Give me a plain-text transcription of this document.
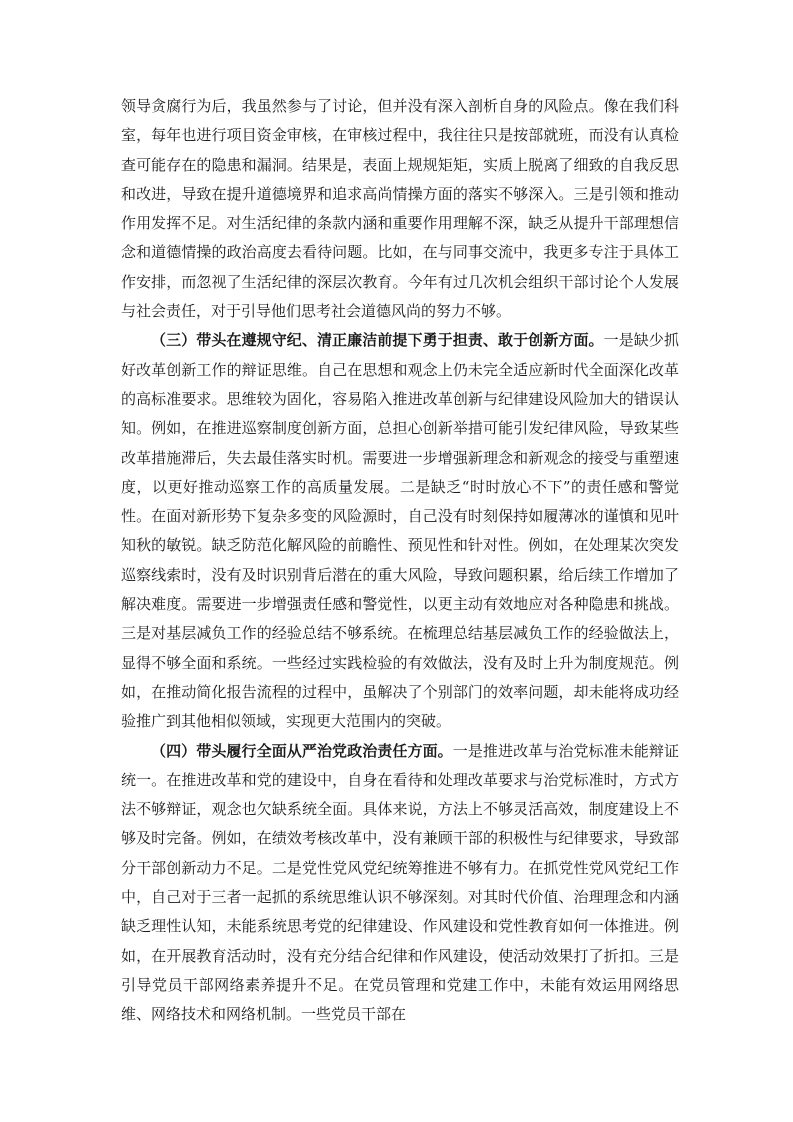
领导贪腐行为后，我虽然参与了讨论，但并没有深入剖析自身的风险点。像在我们科室，每年也进行项目资金审核，在审核过程中，我往往只是按部就班，而没有认真检查可能存在的隐患和漏洞。结果是，表面上规规矩矩，实质上脱离了细致的自我反思和改进，导致在提升道德境界和追求高尚情操方面的落实不够深入。三是引领和推动作用发挥不足。对生活纪律的条款内涵和重要作用理解不深，缺乏从提升干部理想信念和道德情操的政治高度去看待问题。比如，在与同事交流中，我更多专注于具体工作安排，而忽视了生活纪律的深层次教育。今年有过几次机会组织干部讨论个人发展与社会责任，对于引导他们思考社会道德风尚的努力不够。

（三）带头在遵规守纪、清正廉洁前提下勇于担责、敢于创新方面。一是缺少抓好改革创新工作的辩证思维。自己在思想和观念上仍未完全适应新时代全面深化改革的高标准要求。思维较为固化，容易陷入推进改革创新与纪律建设风险加大的错误认知。例如，在推进巡察制度创新方面，总担心创新举措可能引发纪律风险，导致某些改革措施滞后，失去最佳落实时机。需要进一步增强新理念和新观念的接受与重塑速度，以更好推动巡察工作的高质量发展。二是缺乏“时时放心不下”的责任感和警觉性。在面对新形势下复杂多变的风险源时，自己没有时刻保持如履薄冰的谨慎和见叶知秋的敏锐。缺乏防范化解风险的前瞻性、预见性和针对性。例如，在处理某次突发巡察线索时，没有及时识别背后潜在的重大风险，导致问题积累，给后续工作增加了解决难度。需要进一步增强责任感和警觉性，以更主动有效地应对各种隐患和挑战。三是对基层减负工作的经验总结不够系统。在梳理总结基层减负工作的经验做法上，显得不够全面和系统。一些经过实践检验的有效做法，没有及时上升为制度规范。例如，在推动简化报告流程的过程中，虽解决了个别部门的效率问题，却未能将成功经验推广到其他相似领域，实现更大范围内的突破。

（四）带头履行全面从严治党政治责任方面。一是推进改革与治党标准未能辩证统一。在推进改革和党的建设中，自身在看待和处理改革要求与治党标准时，方式方法不够辩证，观念也欠缺系统全面。具体来说，方法上不够灵活高效，制度建设上不够及时完备。例如，在绩效考核改革中，没有兼顾干部的积极性与纪律要求，导致部分干部创新动力不足。二是党性党风党纪统筹推进不够有力。在抓党性党风党纪工作中，自己对于三者一起抓的系统思维认识不够深刻。对其时代价值、治理理念和内涵缺乏理性认知，未能系统思考党的纪律建设、作风建设和党性教育如何一体推进。例如，在开展教育活动时，没有充分结合纪律和作风建设，使活动效果打了折扣。三是引导党员干部网络素养提升不足。在党员管理和党建工作中，未能有效运用网络思维、网络技术和网络机制。一些党员干部在
